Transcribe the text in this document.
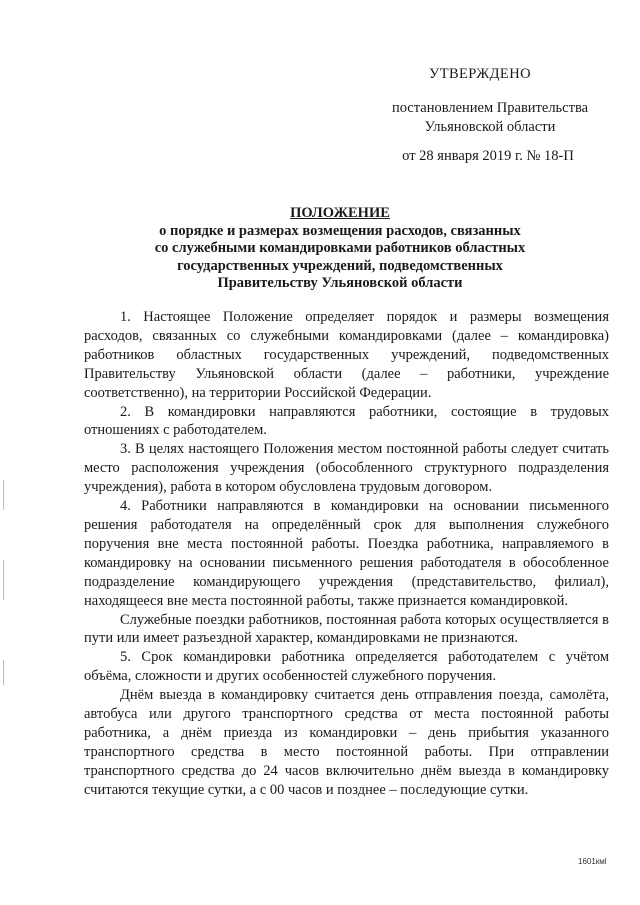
УТВЕРЖДЕНО
постановлением Правительства
Ульяновской области
от 28 января 2019 г. № 18-П
ПОЛОЖЕНИЕ
о порядке и размерах возмещения расходов, связанных
со служебными командировками работников областных
государственных учреждений, подведомственных
Правительству Ульяновской области

1. Настоящее Положение определяет порядок и размеры возмещения расходов, связанных со служебными командировками (далее – командировка) работников областных государственных учреждений, подведомственных Правительству Ульяновской области (далее – работники, учреждение соответственно), на территории Российской Федерации.

2. В командировки направляются работники, состоящие в трудовых отношениях с работодателем.

3. В целях настоящего Положения местом постоянной работы следует считать место расположения учреждения (обособленного структурного подразделения учреждения), работа в котором обусловлена трудовым договором.

4. Работники направляются в командировки на основании письменного решения работодателя на определённый срок для выполнения служебного поручения вне места постоянной работы. Поездка работника, направляемого в командировку на основании письменного решения работодателя в обособленное подразделение командирующего учреждения (представительство, филиал), находящееся вне места постоянной работы, также признается командировкой.

Служебные поездки работников, постоянная работа которых осуществляется в пути или имеет разъездной характер, командировками не признаются.

5. Срок командировки работника определяется работодателем с учётом объёма, сложности и других особенностей служебного поручения.

Днём выезда в командировку считается день отправления поезда, самолёта, автобуса или другого транспортного средства от места постоянной работы работника, а днём приезда из командировки – день прибытия указанного транспортного средства в место постоянной работы. При отправлении транспортного средства до 24 часов включительно днём выезда в командировку считаются текущие сутки, а с 00 часов и позднее – последующие сутки.

1601кмl
